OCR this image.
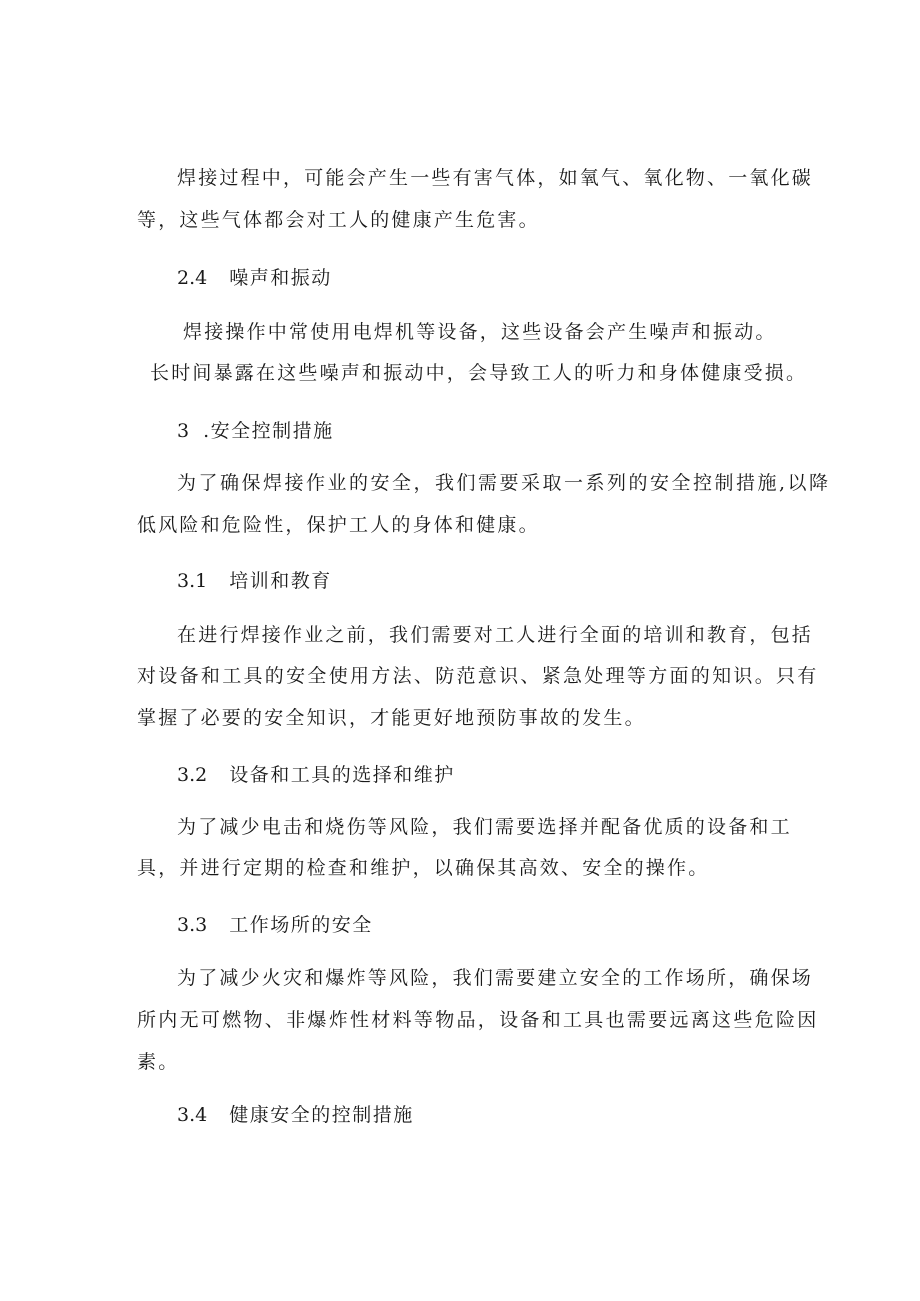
焊接过程中，可能会产生一些有害气体，如氧气、氧化物、一氧化碳
等，这些气体都会对工人的健康产生危害。
2.4 噪声和振动
焊接操作中常使用电焊机等设备，这些设备会产生噪声和振动。
长时间暴露在这些噪声和振动中，会导致工人的听力和身体健康受损。
3 .安全控制措施
为了确保焊接作业的安全，我们需要采取一系列的安全控制措施,以降
低风险和危险性，保护工人的身体和健康。
3.1 培训和教育
在进行焊接作业之前，我们需要对工人进行全面的培训和教育，包括
对设备和工具的安全使用方法、防范意识、紧急处理等方面的知识。只有
掌握了必要的安全知识，才能更好地预防事故的发生。
3.2 设备和工具的选择和维护
为了减少电击和烧伤等风险，我们需要选择并配备优质的设备和工
具，并进行定期的检查和维护，以确保其高效、安全的操作。
3.3 工作场所的安全
为了减少火灾和爆炸等风险，我们需要建立安全的工作场所，确保场
所内无可燃物、非爆炸性材料等物品，设备和工具也需要远离这些危险因
素。
3.4 健康安全的控制措施
